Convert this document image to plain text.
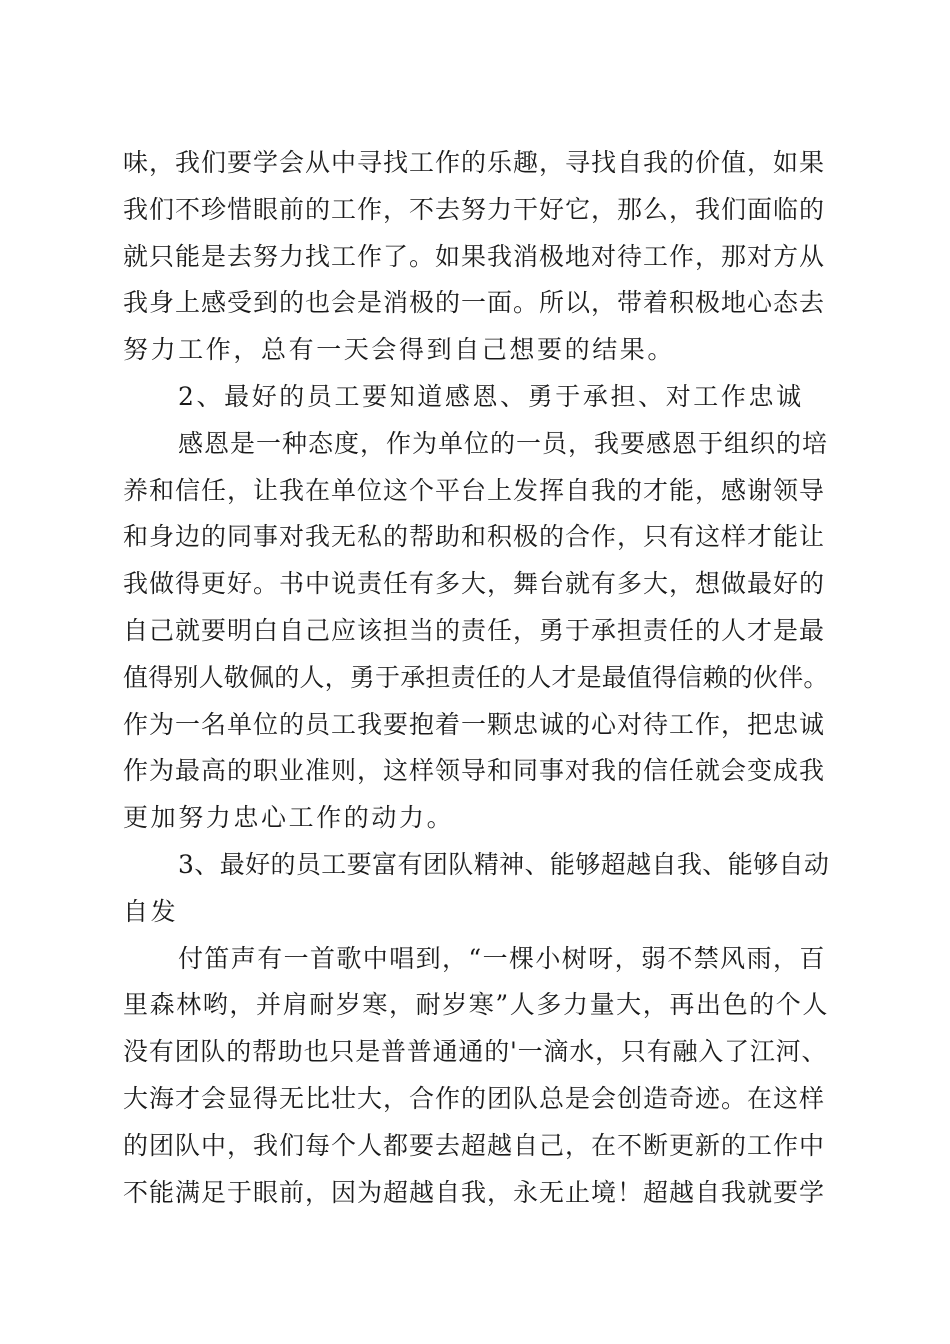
味，我们要学会从中寻找工作的乐趣，寻找自我的价值，如果
我们不珍惜眼前的工作，不去努力干好它，那么，我们面临的
就只能是去努力找工作了。如果我消极地对待工作，那对方从
我身上感受到的也会是消极的一面。所以，带着积极地心态去
努力工作，总有一天会得到自己想要的结果。
2、最好的员工要知道感恩、勇于承担、对工作忠诚
感恩是一种态度，作为单位的一员，我要感恩于组织的培
养和信任，让我在单位这个平台上发挥自我的才能，感谢领导
和身边的同事对我无私的帮助和积极的合作，只有这样才能让
我做得更好。书中说责任有多大，舞台就有多大，想做最好的
自己就要明白自己应该担当的责任，勇于承担责任的人才是最
值得别人敬佩的人，勇于承担责任的人才是最值得信赖的伙伴。
作为一名单位的员工我要抱着一颗忠诚的心对待工作，把忠诚
作为最高的职业准则，这样领导和同事对我的信任就会变成我
更加努力忠心工作的动力。
3、最好的员工要富有团队精神、能够超越自我、能够自动
自发
付笛声有一首歌中唱到，“一棵小树呀，弱不禁风雨，百
里森林哟，并肩耐岁寒，耐岁寒”人多力量大，再出色的个人
没有团队的帮助也只是普普通通的'一滴水，只有融入了江河、
大海才会显得无比壮大，合作的团队总是会创造奇迹。在这样
的团队中，我们每个人都要去超越自己，在不断更新的工作中
不能满足于眼前，因为超越自我，永无止境！超越自我就要学
